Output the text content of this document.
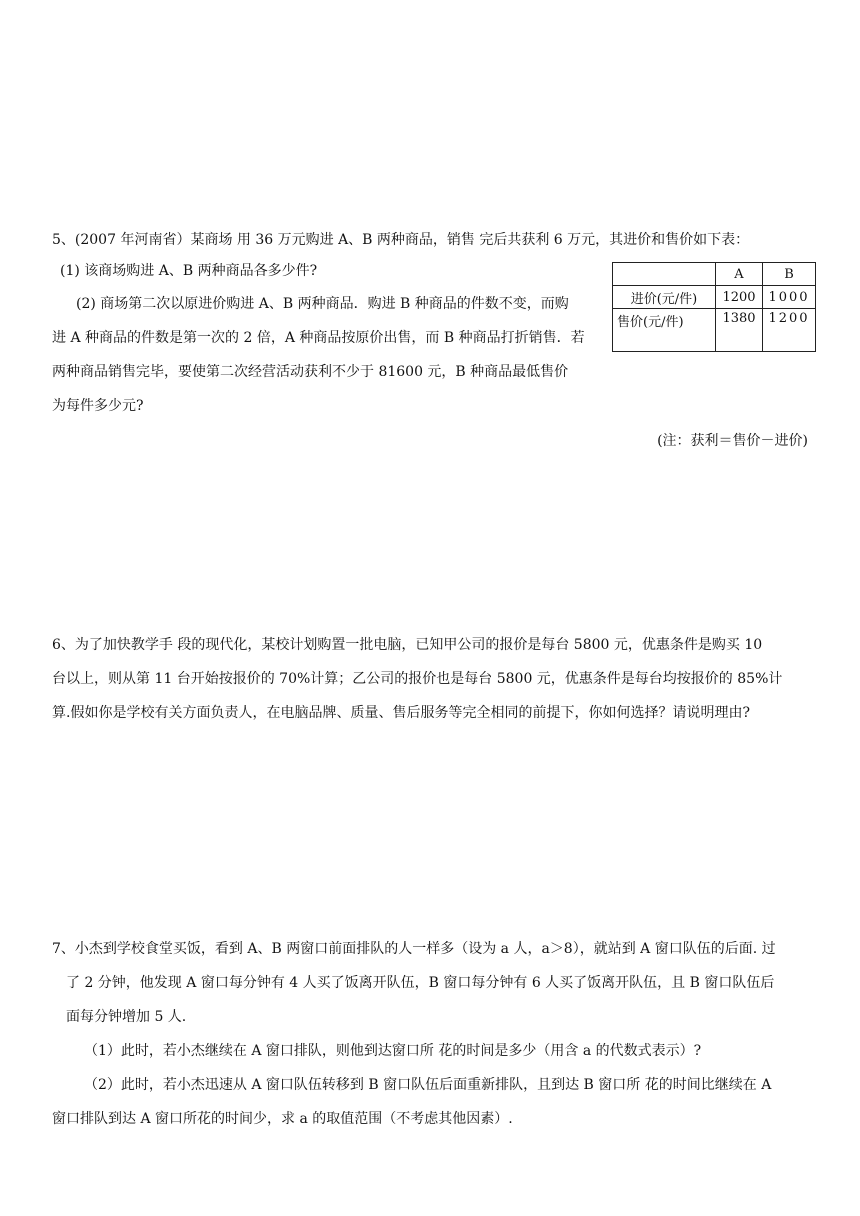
5、(2007 年河南省）某商场 用 36 万元购进 A、B 两种商品，销售 完后共获利 6 万元，其进价和售价如下表：
(1) 该商场购进 A、B 两种商品各多少件?
(2) 商场第二次以原进价购进 A、B 两种商品．购进 B 种商品的件数不变，而购
进 A 种商品的件数是第一次的 2 倍，A 种商品按原价出售，而 B 种商品打折销售．若
两种商品销售完毕，要使第二次经营活动获利不少于 81600 元，B 种商品最低售价
为每件多少元?
	A	B
进价(元/件)	1200	1000
售价(元/件)	1380	1200
(注：获利＝售价－进价)
6、为了加快教学手 段的现代化，某校计划购置一批电脑，已知甲公司的报价是每台 5800 元，优惠条件是购买 10
台以上，则从第 11 台开始按报价的 70%计算；乙公司的报价也是每台 5800 元，优惠条件是每台均按报价的 85%计
算.假如你是学校有关方面负责人，在电脑品牌、质量、售后服务等完全相同的前提下，你如何选择？请说明理由?
7、小杰到学校食堂买饭，看到 A、B 两窗口前面排队的人一样多（设为 a 人，a＞8），就站到 A 窗口队伍的后面. 过
了 2 分钟，他发现 A 窗口每分钟有 4 人买了饭离开队伍，B 窗口每分钟有 6 人买了饭离开队伍，且 B 窗口队伍后
面每分钟增加 5 人.
（1）此时，若小杰继续在 A 窗口排队，则他到达窗口所 花的时间是多少（用含 a 的代数式表示）?
（2）此时，若小杰迅速从 A 窗口队伍转移到 B 窗口队伍后面重新排队，且到达 B 窗口所 花的时间比继续在 A
窗口排队到达 A 窗口所花的时间少，求 a 的取值范围（不考虑其他因素）.
